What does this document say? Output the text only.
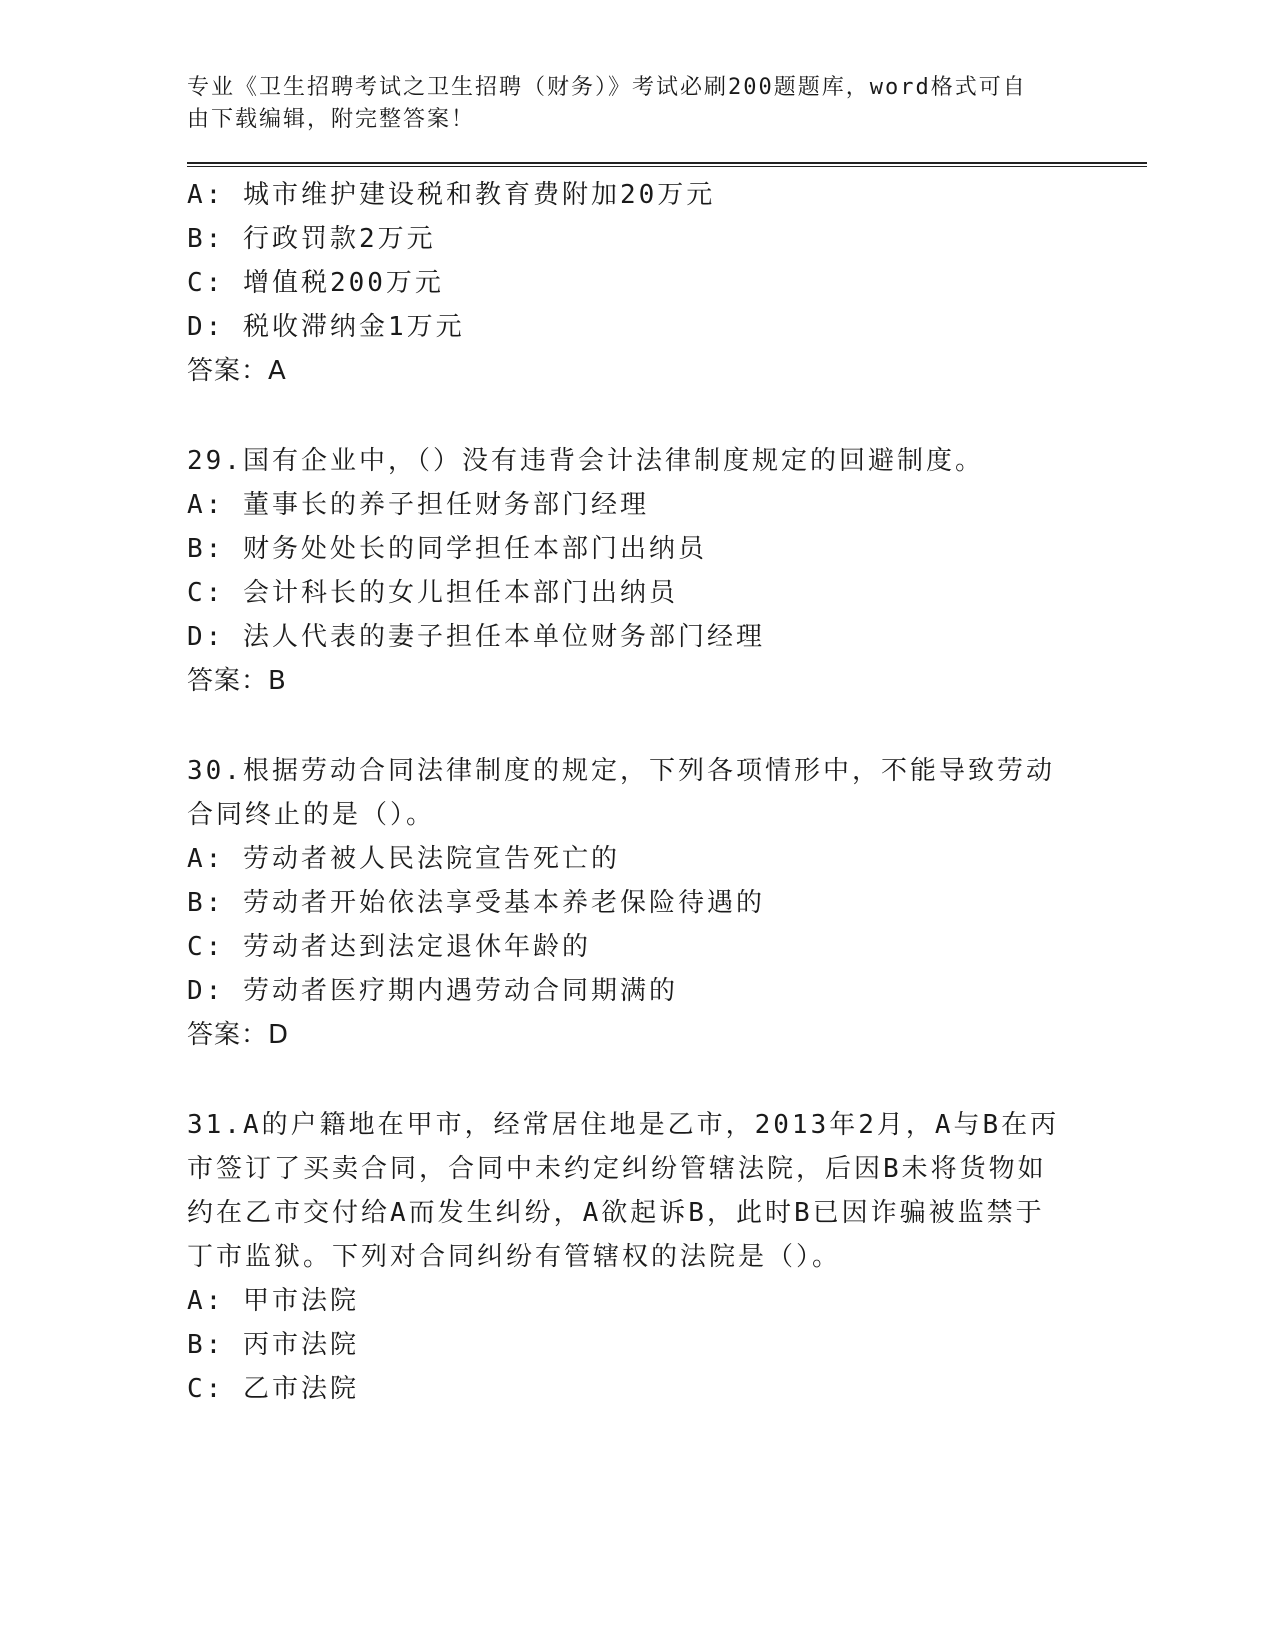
专业《卫生招聘考试之卫生招聘（财务）》考试必刷200题题库，word格式可自由下载编辑，附完整答案！
A: 城市维护建设税和教育费附加20万元
B: 行政罚款2万元
C: 增值税200万元
D: 税收滞纳金1万元
答案：A
29.国有企业中，（）没有违背会计法律制度规定的回避制度。
A: 董事长的养子担任财务部门经理
B: 财务处处长的同学担任本部门出纳员
C: 会计科长的女儿担任本部门出纳员
D: 法人代表的妻子担任本单位财务部门经理
答案：B
30.根据劳动合同法律制度的规定，下列各项情形中，不能导致劳动合同终止的是（）。
A: 劳动者被人民法院宣告死亡的
B: 劳动者开始依法享受基本养老保险待遇的
C: 劳动者达到法定退休年龄的
D: 劳动者医疗期内遇劳动合同期满的
答案：D
31.A的户籍地在甲市，经常居住地是乙市，2013年2月，A与B在丙市签订了买卖合同，合同中未约定纠纷管辖法院，后因B未将货物如约在乙市交付给A而发生纠纷，A欲起诉B，此时B已因诈骗被监禁于丁市监狱。下列对合同纠纷有管辖权的法院是（）。
A: 甲市法院
B: 丙市法院
C: 乙市法院
